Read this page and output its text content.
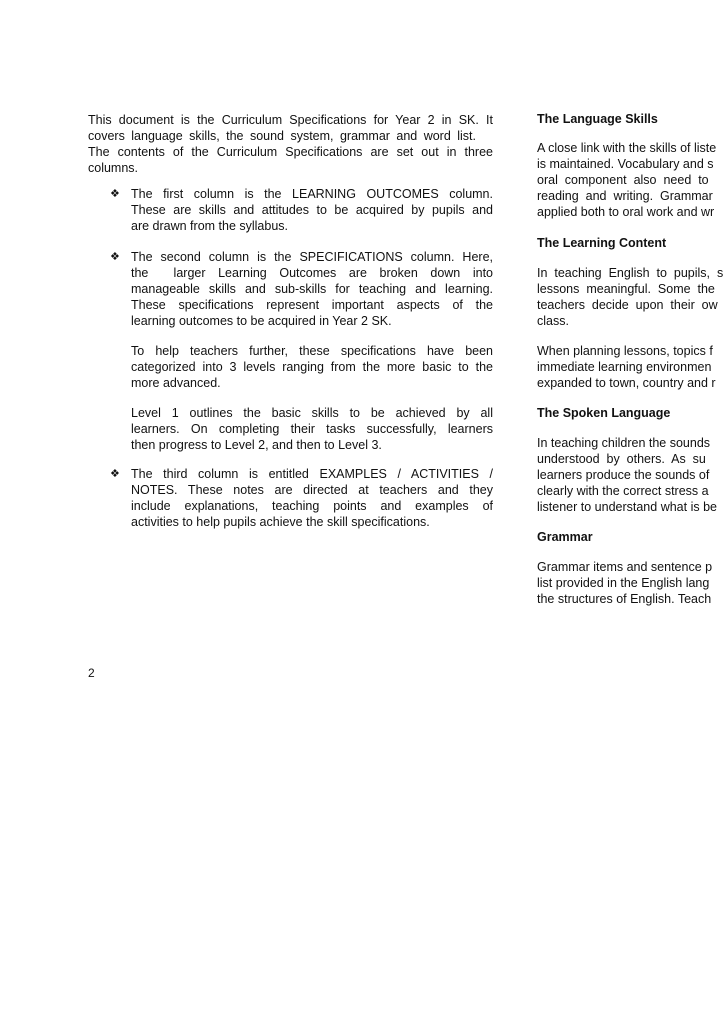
This document is the Curriculum Specifications for Year 2 in SK. It
covers language skills, the sound system, grammar and word list.
The contents of the Curriculum Specifications are set out in three
columns.
❖ The first column is the LEARNING OUTCOMES column.
These are skills and attitudes to be acquired by pupils and
are drawn from the syllabus.
❖ The second column is the SPECIFICATIONS column. Here,
the  larger Learning Outcomes are broken down into
manageable skills and sub-skills for teaching and learning.
These specifications represent important aspects of the
learning outcomes to be acquired in Year 2 SK.
To help teachers further, these specifications have been
categorized into 3 levels ranging from the more basic to the
more advanced.
Level 1 outlines the basic skills to be achieved by all
learners. On completing their tasks successfully, learners
then progress to Level 2, and then to Level 3.
❖ The third column is entitled EXAMPLES / ACTIVITIES /
NOTES. These notes are directed at teachers and they
include explanations, teaching points and examples of
activities to help pupils achieve the skill specifications.
2
The Language Skills
A close link with the skills of liste
is maintained. Vocabulary and s
oral  component  also  need  to
reading  and  writing.  Grammar
applied both to oral work and wr
The Learning Content
In  teaching  English  to  pupils,  s
lessons  meaningful.  Some  the
teachers  decide  upon  their  ow
class.
When planning lessons, topics f
immediate learning environmen
expanded to town, country and r
The Spoken Language
In teaching children the sounds
understood  by  others.  As  su
learners produce the sounds of
clearly with the correct stress a
listener to understand what is be
Grammar
Grammar items and sentence p
list provided in the English lang
the structures of English. Teach
